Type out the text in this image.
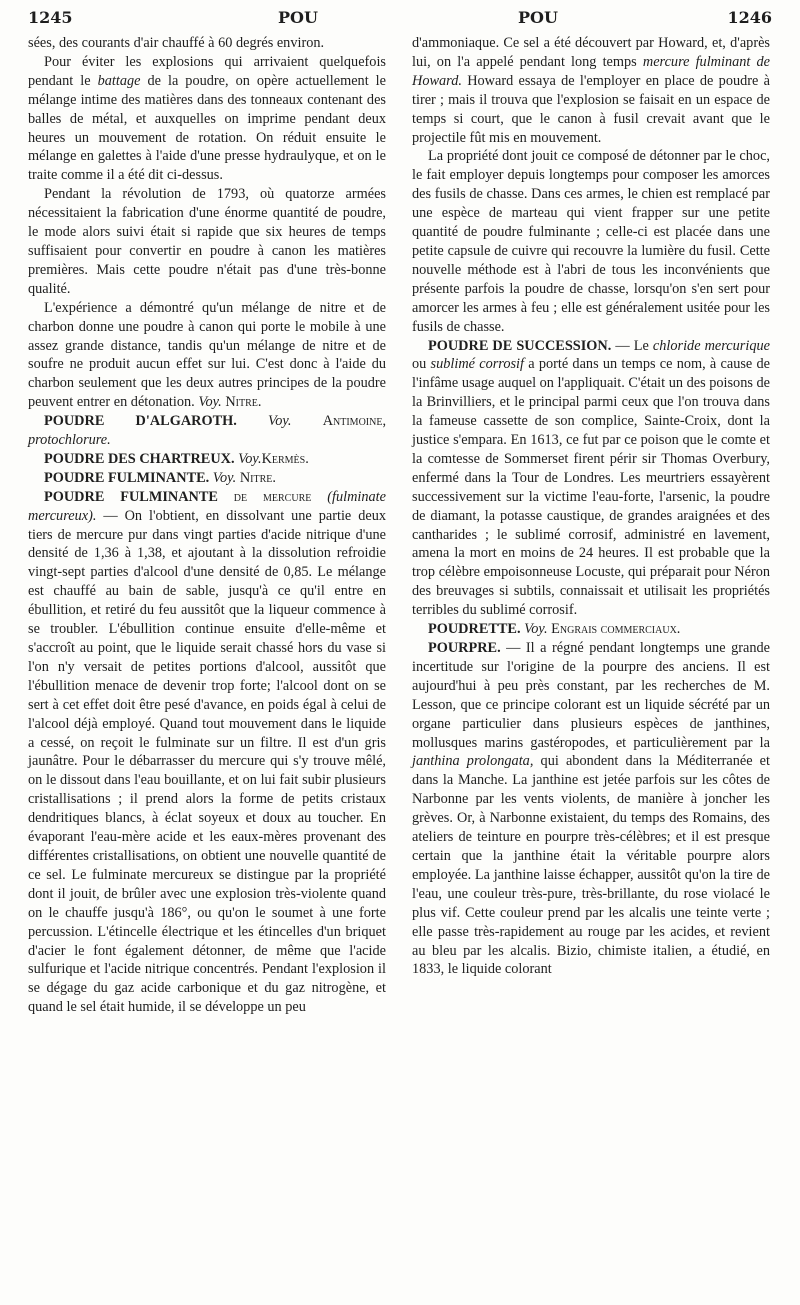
1245	POU	POU	1246

sées, des courants d'air chauffé à 60 degrés environ.

Pour éviter les explosions qui arrivaient quelquefois pendant le battage de la poudre, on opère actuellement le mélange intime des matières dans des tonneaux contenant des balles de métal, et auxquelles on imprime pendant deux heures un mouvement de rotation. On réduit ensuite le mélange en galettes à l'aide d'une presse hydraulyque, et on le traite comme il a été dit ci-dessus.

Pendant la révolution de 1793, où quatorze armées nécessitaient la fabrication d'une énorme quantité de poudre, le mode alors suivi était si rapide que six heures de temps suffisaient pour convertir en poudre à canon les matières premières. Mais cette poudre n'était pas d'une très-bonne qualité.

L'expérience a démontré qu'un mélange de nitre et de charbon donne une poudre à canon qui porte le mobile à une assez grande distance, tandis qu'un mélange de nitre et de soufre ne produit aucun effet sur lui. C'est donc à l'aide du charbon seulement que les deux autres principes de la poudre peuvent entrer en détonation. Voy. Nitre.

POUDRE D'ALGAROTH. Voy. Antimoine, protochlorure.

POUDRE DES CHARTREUX. Voy.Kermès.

POUDRE FULMINANTE. Voy. Nitre.

POUDRE FULMINANTE de mercure (fulminate mercureux). — On l'obtient, en dissolvant une partie deux tiers de mercure pur dans vingt parties d'acide nitrique d'une densité de 1,36 à 1,38, et ajoutant à la dissolution refroidie vingt-sept parties d'alcool d'une densité de 0,85. Le mélange est chauffé au bain de sable, jusqu'à ce qu'il entre en ébullition, et retiré du feu aussitôt que la liqueur commence à se troubler. L'ébullition continue ensuite d'elle-même et s'accroît au point, que le liquide serait chassé hors du vase si l'on n'y versait de petites portions d'alcool, aussitôt que l'ébullition menace de devenir trop forte; l'alcool dont on se sert à cet effet doit être pesé d'avance, en poids égal à celui de l'alcool déjà employé. Quand tout mouvement dans le liquide a cessé, on reçoit le fulminate sur un filtre. Il est d'un gris jaunâtre. Pour le débarrasser du mercure qui s'y trouve mêlé, on le dissout dans l'eau bouillante, et on lui fait subir plusieurs cristallisations ; il prend alors la forme de petits cristaux dendritiques blancs, à éclat soyeux et doux au toucher. En évaporant l'eau-mère acide et les eaux-mères provenant des différentes cristallisations, on obtient une nouvelle quantité de ce sel. Le fulminate mercureux se distingue par la propriété dont il jouit, de brûler avec une explosion très-violente quand on le chauffe jusqu'à 186°, ou qu'on le soumet à une forte percussion. L'étincelle électrique et les étincelles d'un briquet d'acier le font également détonner, de même que l'acide sulfurique et l'acide nitrique concentrés. Pendant l'explosion il se dégage du gaz acide carbonique et du gaz nitrogène, et quand le sel était humide, il se développe un peu

d'ammoniaque. Ce sel a été découvert par Howard, et, d'après lui, on l'a appelé pendant long temps mercure fulminant de Howard. Howard essaya de l'employer en place de poudre à tirer ; mais il trouva que l'explosion se faisait en un espace de temps si court, que le canon à fusil crevait avant que le projectile fût mis en mouvement.

La propriété dont jouit ce composé de détonner par le choc, le fait employer depuis longtemps pour composer les amorces des fusils de chasse. Dans ces armes, le chien est remplacé par une espèce de marteau qui vient frapper sur une petite quantité de poudre fulminante ; celle-ci est placée dans une petite capsule de cuivre qui recouvre la lumière du fusil. Cette nouvelle méthode est à l'abri de tous les inconvénients que présente parfois la poudre de chasse, lorsqu'on s'en sert pour amorcer les armes à feu ; elle est généralement usitée pour les fusils de chasse.

POUDRE DE SUCCESSION. — Le chloride mercurique ou sublimé corrosif a porté dans un temps ce nom, à cause de l'infâme usage auquel on l'appliquait. C'était un des poisons de la Brinvilliers, et le principal parmi ceux que l'on trouva dans la fameuse cassette de son complice, Sainte-Croix, dont la justice s'empara. En 1613, ce fut par ce poison que le comte et la comtesse de Sommerset firent périr sir Thomas Overbury, enfermé dans la Tour de Londres. Les meurtriers essayèrent successivement sur la victime l'eau-forte, l'arsenic, la poudre de diamant, la potasse caustique, de grandes araignées et des cantharides ; le sublimé corrosif, administré en lavement, amena la mort en moins de 24 heures. Il est probable que la trop célèbre empoisonneuse Locuste, qui préparait pour Néron des breuvages si subtils, connaissait et utilisait les propriétés terribles du sublimé corrosif.

POUDRETTE. Voy. Engrais commerciaux.

POURPRE. — Il a régné pendant longtemps une grande incertitude sur l'origine de la pourpre des anciens. Il est aujourd'hui à peu près constant, par les recherches de M. Lesson, que ce principe colorant est un liquide sécrété par un organe particulier dans plusieurs espèces de janthines, mollusques marins gastéropodes, et particulièrement par la janthina prolongata, qui abondent dans la Méditerranée et dans la Manche. La janthine est jetée parfois sur les côtes de Narbonne par les vents violents, de manière à joncher les grèves. Or, à Narbonne existaient, du temps des Romains, des ateliers de teinture en pourpre très-célèbres; et il est presque certain que la janthine était la véritable pourpre alors employée. La janthine laisse échapper, aussitôt qu'on la tire de l'eau, une couleur très-pure, très-brillante, du rose violacé le plus vif. Cette couleur prend par les alcalis une teinte verte ; elle passe très-rapidement au rouge par les acides, et revient au bleu par les alcalis. Bizio, chimiste italien, a étudié, en 1833, le liquide colorant
